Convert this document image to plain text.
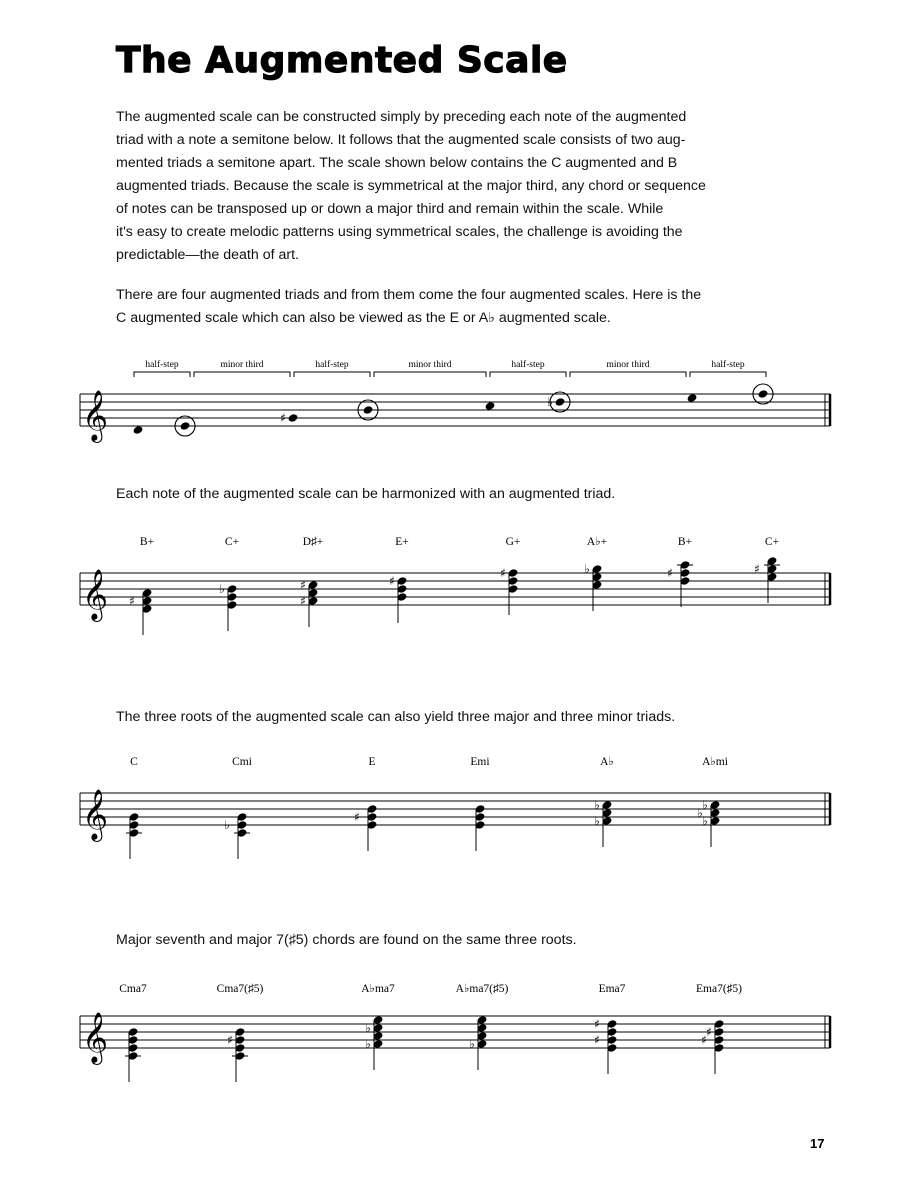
The Augmented Scale
The augmented scale can be constructed simply by preceding each note of the augmented
triad with a note a semitone below. It follows that the augmented scale consists of two aug-
mented triads a semitone apart. The scale shown below contains the C augmented and B
augmented triads. Because the scale is symmetrical at the major third, any chord or sequence
of notes can be transposed up or down a major third and remain within the scale. While
it's easy to create melodic patterns using symmetrical scales, the challenge is avoiding the
predictable—the death of art.
There are four augmented triads and from them come the four augmented scales. Here is the
C augmented scale which can also be viewed as the E or A♭ augmented scale.
Each note of the augmented scale can be harmonized with an augmented triad.
The three roots of the augmented scale can also yield three major and three minor triads.
Major seventh and major 7(♯5) chords are found on the same three roots.
𝄞	♯
♭
half-step	minor third	half-step	minor third	half-step	minor third	half-step
𝄞 ♯
B+
♭
C+
♯
♯
D♯+
♯
E+
♯
G+
♭
A♭+
♯
B+
♯
C+
𝄞
C
♭
Cmi
♯
E	Emi
♭
♭
A♭
♭
♭
♭
A♭mi
𝄞
Cma7
♯
Cma7(♯5)
♭
♭
A♭ma7
♭
A♭ma7(♯5)
♯
♯
Ema7
♯
♯
Ema7(♯5)
17
